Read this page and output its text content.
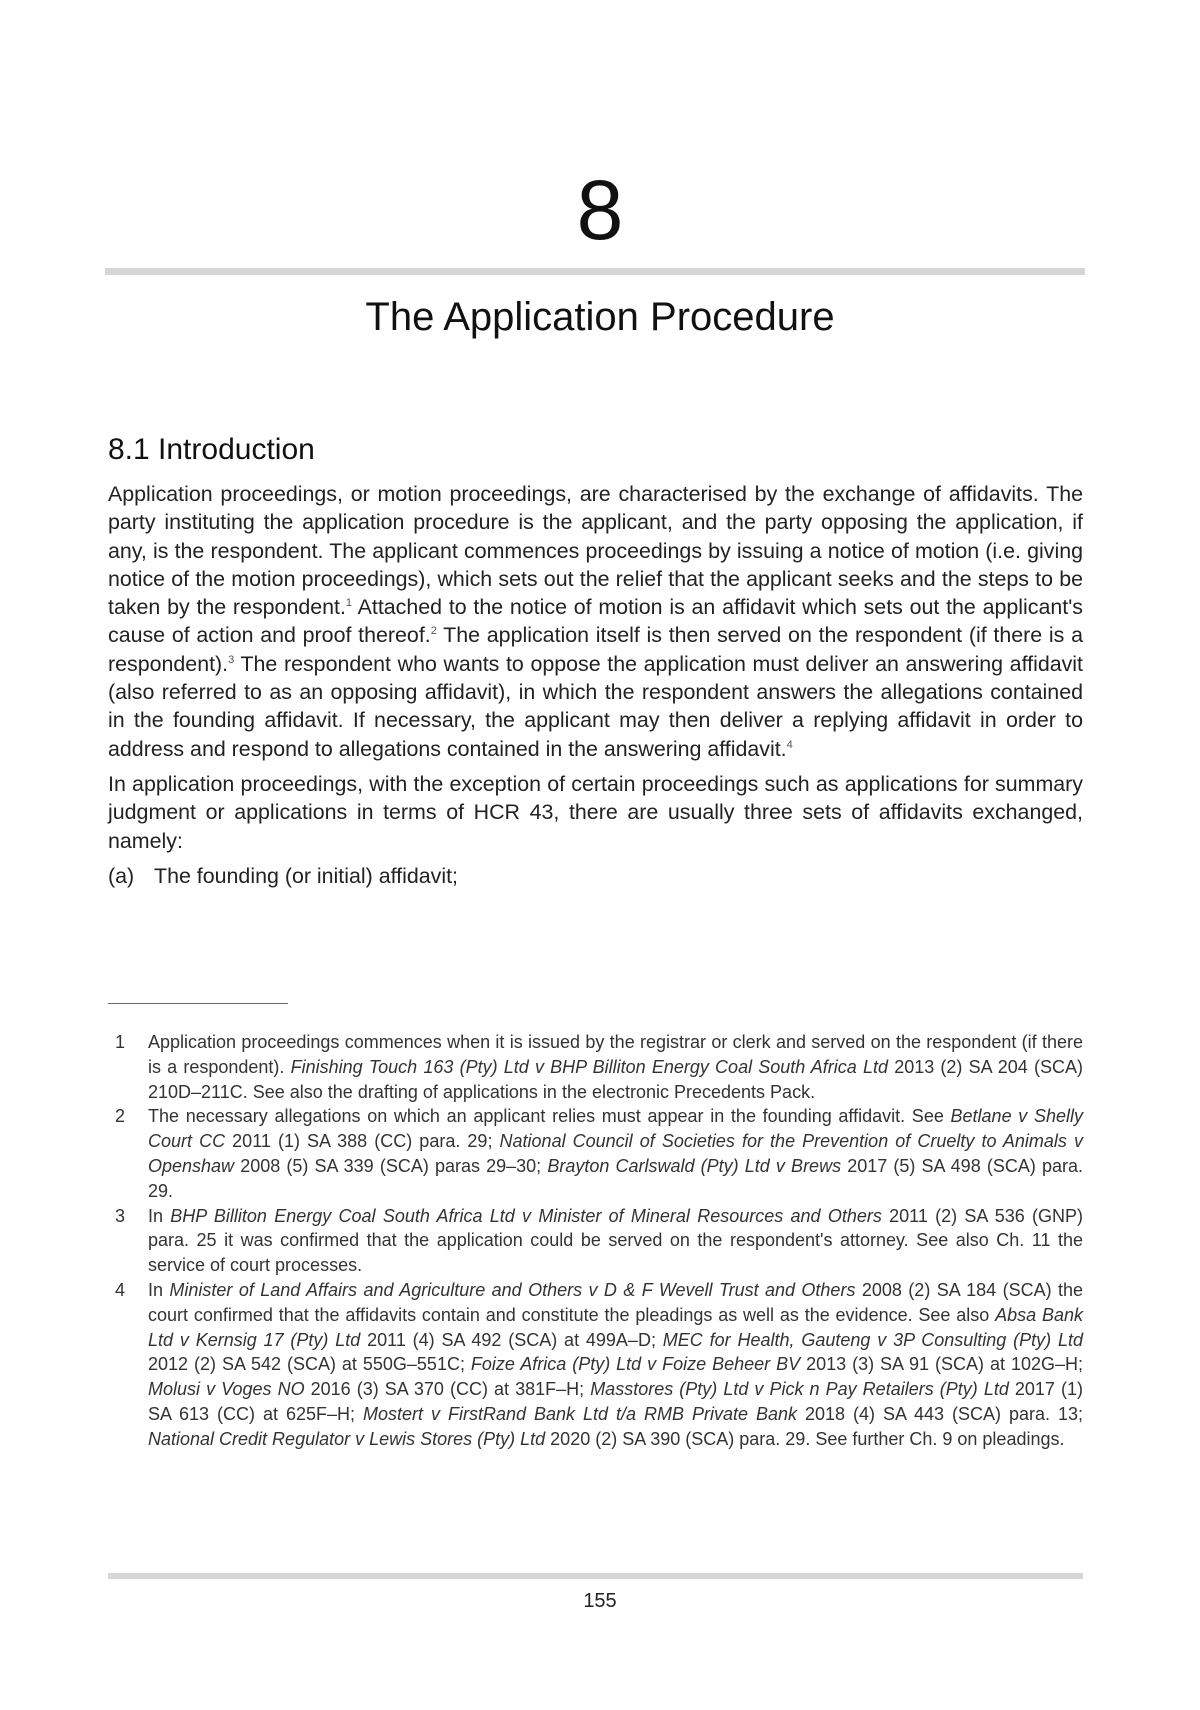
8
The Application Procedure
8.1 Introduction

Application proceedings, or motion proceedings, are characterised by the exchange of affidavits. The party instituting the application procedure is the applicant, and the party opposing the application, if any, is the respondent. The applicant commences proceedings by issuing a notice of motion (i.e. giving notice of the motion proceedings), which sets out the relief that the applicant seeks and the steps to be taken by the respondent.$^1$ Attached to the notice of motion is an affidavit which sets out the applicant's cause of action and proof thereof.$^2$ The application itself is then served on the respondent (if there is a respondent).$^3$ The respondent who wants to oppose the application must deliver an answering affidavit (also referred to as an opposing affidavit), in which the respondent answers the allegations contained in the founding affidavit. If necessary, the applicant may then deliver a replying affidavit in order to address and respond to allegations contained in the answering affidavit.$^4$

In application proceedings, with the exception of certain proceedings such as applications for summary judgment or applications in terms of HCR 43, there are usually three sets of affidavits exchanged, namely:

(a) The founding (or initial) affidavit;
1	Application proceedings commences when it is issued by the registrar or clerk and served on the respondent (if there is a respondent). Finishing Touch 163 (Pty) Ltd v BHP Billiton Energy Coal South Africa Ltd 2013 (2) SA 204 (SCA) 210D–211C. See also the drafting of applications in the electronic Precedents Pack.
2	The necessary allegations on which an applicant relies must appear in the founding affidavit. See Betlane v Shelly Court CC 2011 (1) SA 388 (CC) para. 29; National Council of Societies for the Prevention of Cruelty to Animals v Openshaw 2008 (5) SA 339 (SCA) paras 29–30; Brayton Carlswald (Pty) Ltd v Brews 2017 (5) SA 498 (SCA) para. 29.
3	In BHP Billiton Energy Coal South Africa Ltd v Minister of Mineral Resources and Others 2011 (2) SA 536 (GNP) para. 25 it was confirmed that the application could be served on the respondent's attorney. See also Ch. 11 the service of court processes.
4	In Minister of Land Affairs and Agriculture and Others v D & F Wevell Trust and Others 2008 (2) SA 184 (SCA) the court confirmed that the affidavits contain and constitute the pleadings as well as the evidence. See also Absa Bank Ltd v Kernsig 17 (Pty) Ltd 2011 (4) SA 492 (SCA) at 499A–D; MEC for Health, Gauteng v 3P Consulting (Pty) Ltd 2012 (2) SA 542 (SCA) at 550G–551C; Foize Africa (Pty) Ltd v Foize Beheer BV 2013 (3) SA 91 (SCA) at 102G–H; Molusi v Voges NO 2016 (3) SA 370 (CC) at 381F–H; Masstores (Pty) Ltd v Pick n Pay Retailers (Pty) Ltd 2017 (1) SA 613 (CC) at 625F–H; Mostert v FirstRand Bank Ltd t/a RMB Private Bank 2018 (4) SA 443 (SCA) para. 13; National Credit Regulator v Lewis Stores (Pty) Ltd 2020 (2) SA 390 (SCA) para. 29. See further Ch. 9 on pleadings.
155
